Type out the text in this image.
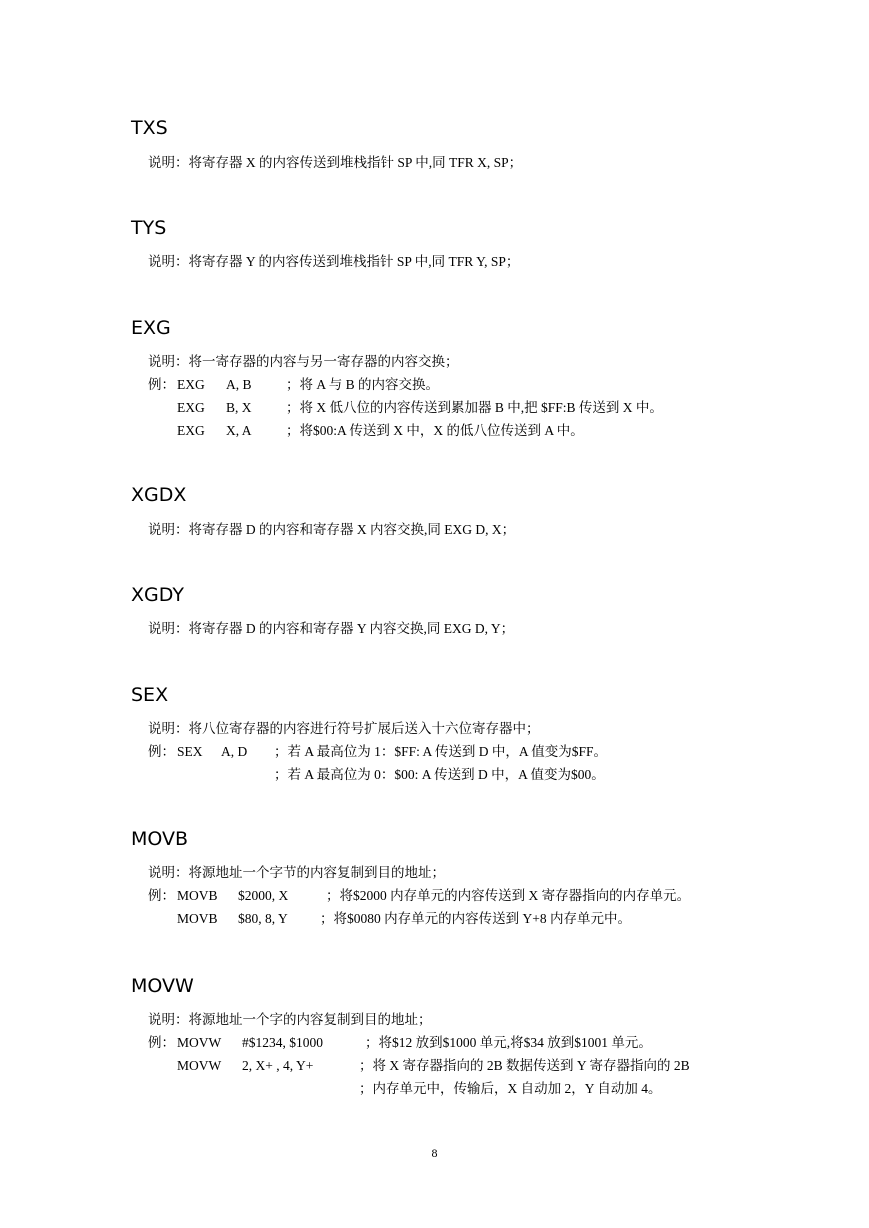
TXS
说明：将寄存器 X 的内容传送到堆栈指针 SP 中,同 TFR X, SP；
TYS
说明：将寄存器 Y 的内容传送到堆栈指针 SP 中,同 TFR Y, SP；
EXG
说明：将一寄存器的内容与另一寄存器的内容交换；
例： EXG A, B	；将 A 与 B 的内容交换。
EXG B, X	；将 X 低八位的内容传送到累加器 B 中,把 $FF:B 传送到 X 中。
EXG X, A	；将$00:A 传送到 X 中，X 的低八位传送到 A 中。
XGDX
说明：将寄存器 D 的内容和寄存器 X 内容交换,同 EXG D, X；
XGDY
说明：将寄存器 D 的内容和寄存器 Y 内容交换,同 EXG D, Y；
SEX
说明：将八位寄存器的内容进行符号扩展后送入十六位寄存器中；
例： SEX A, D ；若 A 最高位为 1：$FF: A 传送到 D 中，A 值变为$FF。
；若 A 最高位为 0：$00: A 传送到 D 中，A 值变为$00。
MOVB
说明：将源地址一个字节的内容复制到目的地址；
例： MOVB $2000, X	；将$2000 内存单元的内容传送到 X 寄存器指向的内存单元。
MOVB $80, 8, Y ；将$0080 内存单元的内容传送到 Y+8 内存单元中。
MOVW
说明：将源地址一个字的内容复制到目的地址；
例： MOVW #$1234, $1000	；将$12 放到$1000 单元,将$34 放到$1001 单元。
MOVW 2, X+ , 4, Y+	；将 X 寄存器指向的 2B 数据传送到 Y 寄存器指向的 2B
；内存单元中，传输后，X 自动加 2，Y 自动加 4。
8
